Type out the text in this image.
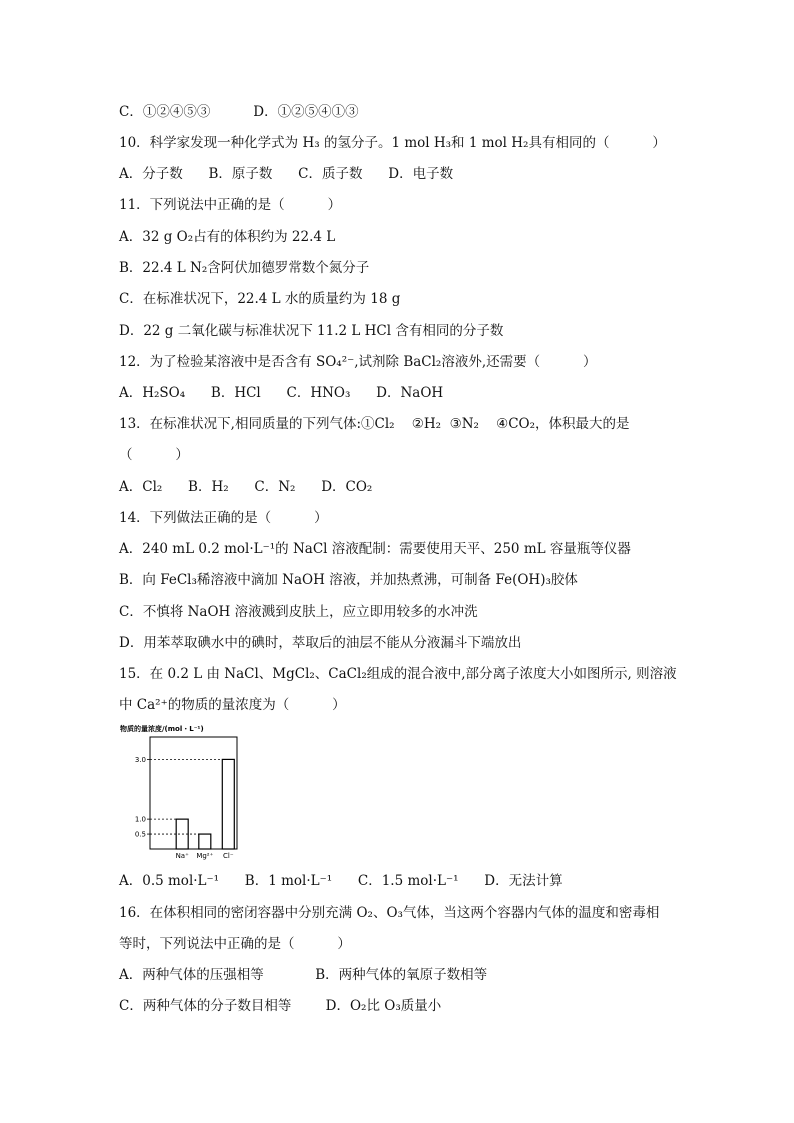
C．①②④⑤③          D．①②⑤④①③
10．科学家发现一种化学式为 H₃ 的氢分子。1 mol H₃和 1 mol H₂具有相同的（          ）
A．分子数      B．原子数      C．质子数      D．电子数
11．下列说法中正确的是（          ）
A．32 g O₂占有的体积约为 22.4 L
B．22.4 L N₂含阿伏加德罗常数个氮分子
C．在标准状况下，22.4 L 水的质量约为 18 g
D．22 g 二氧化碳与标准状况下 11.2 L HCl 含有相同的分子数
12．为了检验某溶液中是否含有 SO₄²⁻,试剂除 BaCl₂溶液外,还需要（          ）
A．H₂SO₄      B．HCl      C．HNO₃      D．NaOH
13．在标准状况下,相同质量的下列气体:①Cl₂    ②H₂  ③N₂    ④CO₂，体积最大的是
（          ）
A．Cl₂      B．H₂      C．N₂      D．CO₂
14．下列做法正确的是（          ）
A．240 mL 0.2 mol·L⁻¹的 NaCl 溶液配制：需要使用天平、250 mL 容量瓶等仪器
B．向 FeCl₃稀溶液中滴加 NaOH 溶液，并加热煮沸，可制备 Fe(OH)₃胶体
C．不慎将 NaOH 溶液溅到皮肤上，应立即用较多的水冲洗
D．用苯萃取碘水中的碘时，萃取后的油层不能从分液漏斗下端放出
15．在 0.2 L 由 NaCl、MgCl₂、CaCl₂组成的混合液中,部分离子浓度大小如图所示, 则溶液
中 Ca²⁺的物质的量浓度为（          ）
物质的量浓度/(mol・L⁻¹)
Na⁺ Mg²⁺ Cl⁻
3.0
1.0
0.5
A．0.5 mol·L⁻¹      B．1 mol·L⁻¹      C．1.5 mol·L⁻¹      D．无法计算
16．在体积相同的密闭容器中分别充满 O₂、O₃气体，当这两个容器内气体的温度和密毒相
等时，下列说法中正确的是（          ）
A．两种气体的压强相等            B．两种气体的氧原子数相等
C．两种气体的分子数目相等        D．O₂比 O₃质量小
